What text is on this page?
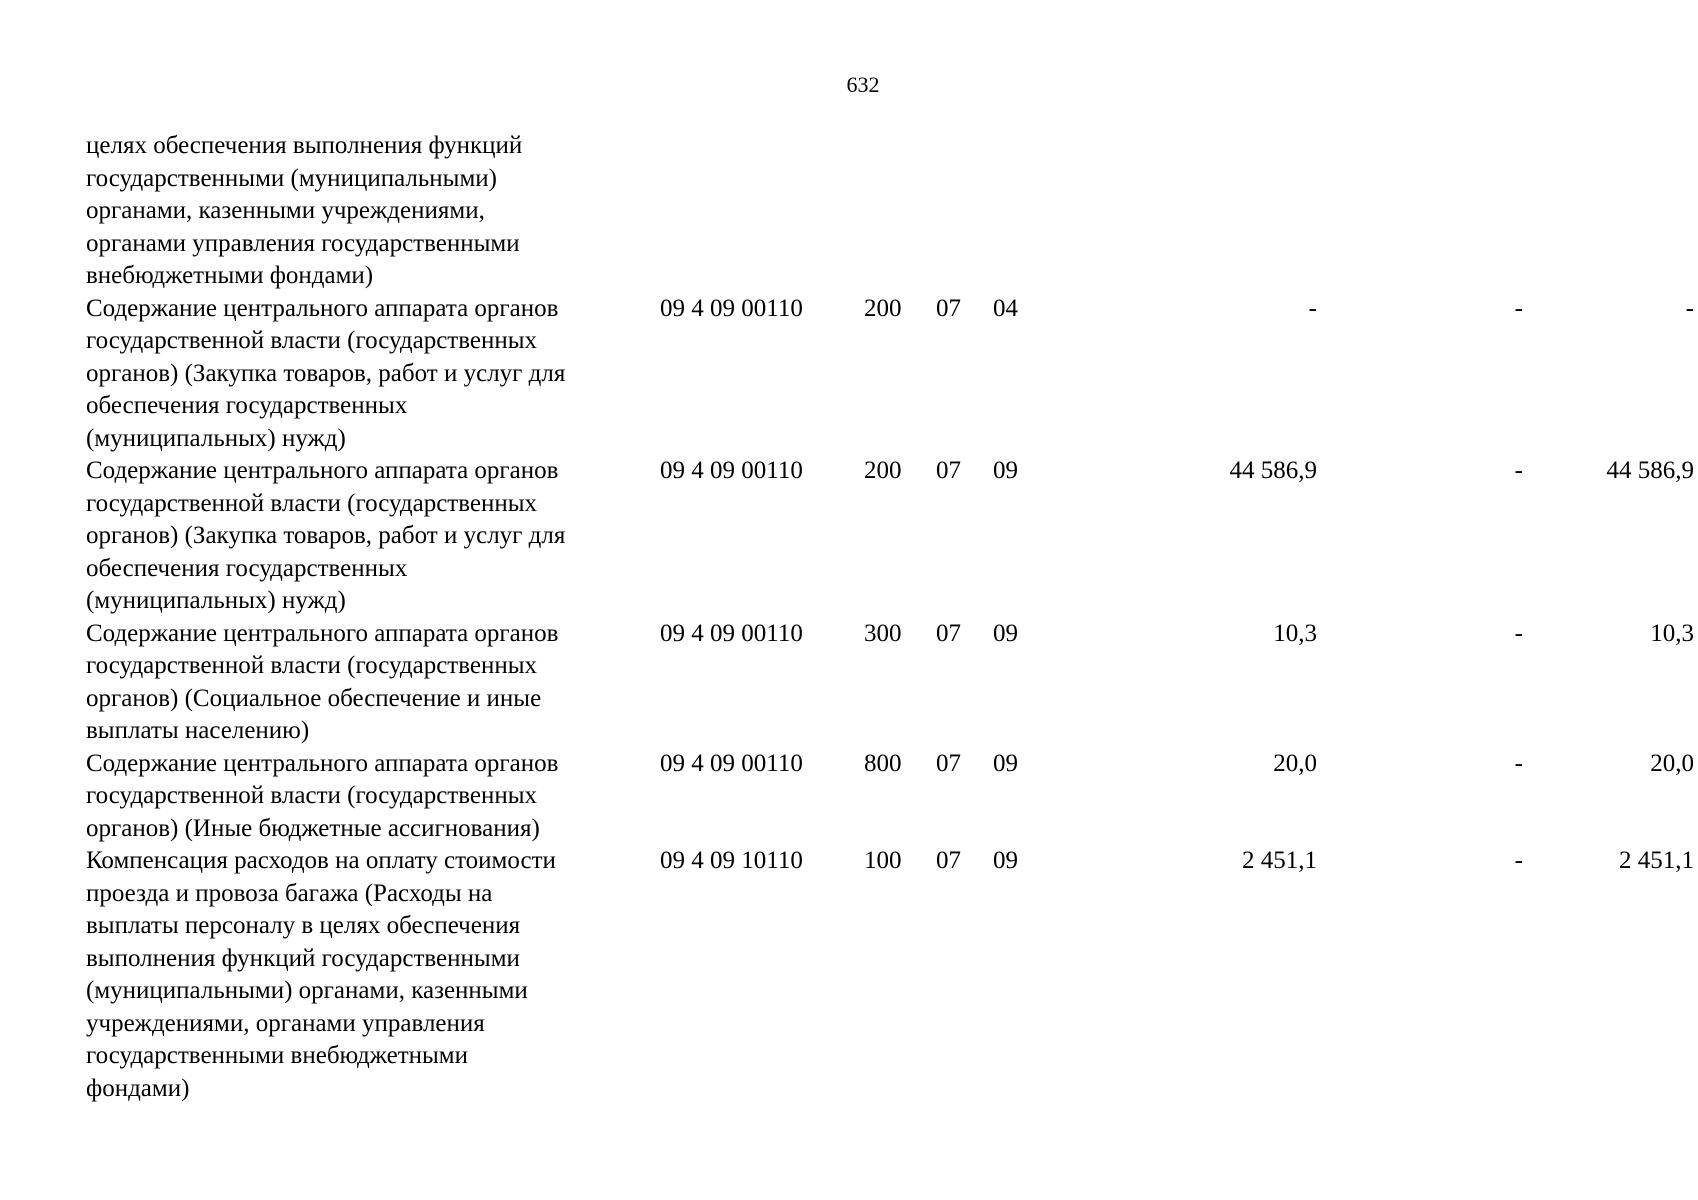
632
целях обеспечения выполнения функций
государственными (муниципальными)
органами, казенными учреждениями,
органами управления государственными
внебюджетными фондами)
Содержание центрального аппарата органов
государственной власти (государственных
органов) (Закупка товаров, работ и услуг для
обеспечения государственных
(муниципальных) нужд)
09 4 09 00110 200 07 04	-	-	-
Содержание центрального аппарата органов
государственной власти (государственных
органов) (Закупка товаров, работ и услуг для
обеспечения государственных
(муниципальных) нужд)
09 4 09 00110 200 07 09	44 586,9	-	44 586,9
Содержание центрального аппарата органов
государственной власти (государственных
органов) (Социальное обеспечение и иные
выплаты населению)
09 4 09 00110 300 07 09	10,3	-	10,3
Содержание центрального аппарата органов
государственной власти (государственных
органов) (Иные бюджетные ассигнования)
09 4 09 00110 800 07 09	20,0	-	20,0
Компенсация расходов на оплату стоимости
проезда и провоза багажа (Расходы на
выплаты персоналу в целях обеспечения
выполнения функций государственными
(муниципальными) органами, казенными
учреждениями, органами управления
государственными внебюджетными
фондами)
09 4 09 10110 100 07 09	2 451,1	-	2 451,1
